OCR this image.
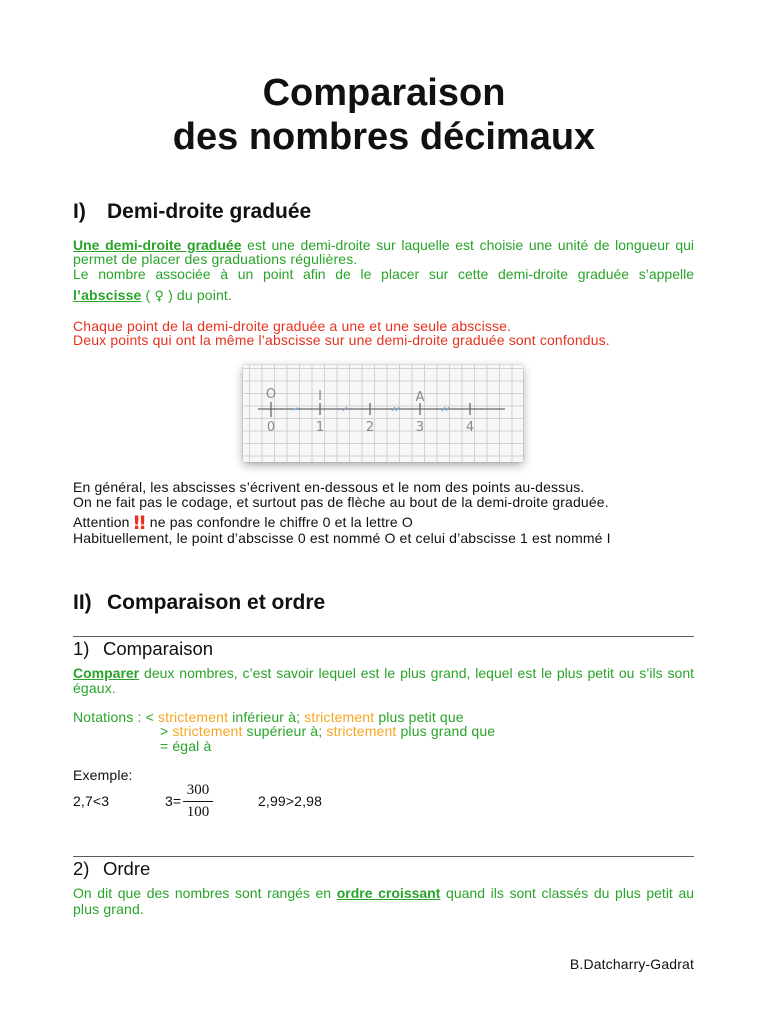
Comparaison
des nombres décimaux
I) Demi-droite graduée
Une demi-droite graduée est une demi-droite sur laquelle est choisie une unité de longueur qui
permet de placer des graduations régulières.
Le nombre associée à un point afin de le placer sur cette demi-droite graduée s’appelle
l’abscisse ( ♀ ) du point.
Chaque point de la demi-droite graduée a une et une seule abscisse.
Deux points qui ont la même l’abscisse sur une demi-droite graduée sont confondus.
O	I	A
0	1	2	3	4
En général, les abscisses s’écrivent en-dessous et le nom des points au-dessus.
On ne fait pas le codage, et surtout pas de flèche au bout de la demi-droite graduée.
Attention ‼ ne pas confondre le chiffre 0 et la lettre O
Habituellement, le point d’abscisse 0 est nommé O et celui d’abscisse 1 est nommé I
II) Comparaison et ordre
1) Comparaison
Comparer deux nombres, c’est savoir lequel est le plus grand, lequel est le plus petit ou s’ils sont
égaux.
Notations : < strictement inférieur à; strictement plus petit que
> strictement supérieur à; strictement plus grand que
= égal à
Exemple:
2,7<3	3=
300
100
2,99>2,98
2) Ordre
On dit que des nombres sont rangés en ordre croissant quand ils sont classés du plus petit au
plus grand.
B.Datcharry-Gadrat
